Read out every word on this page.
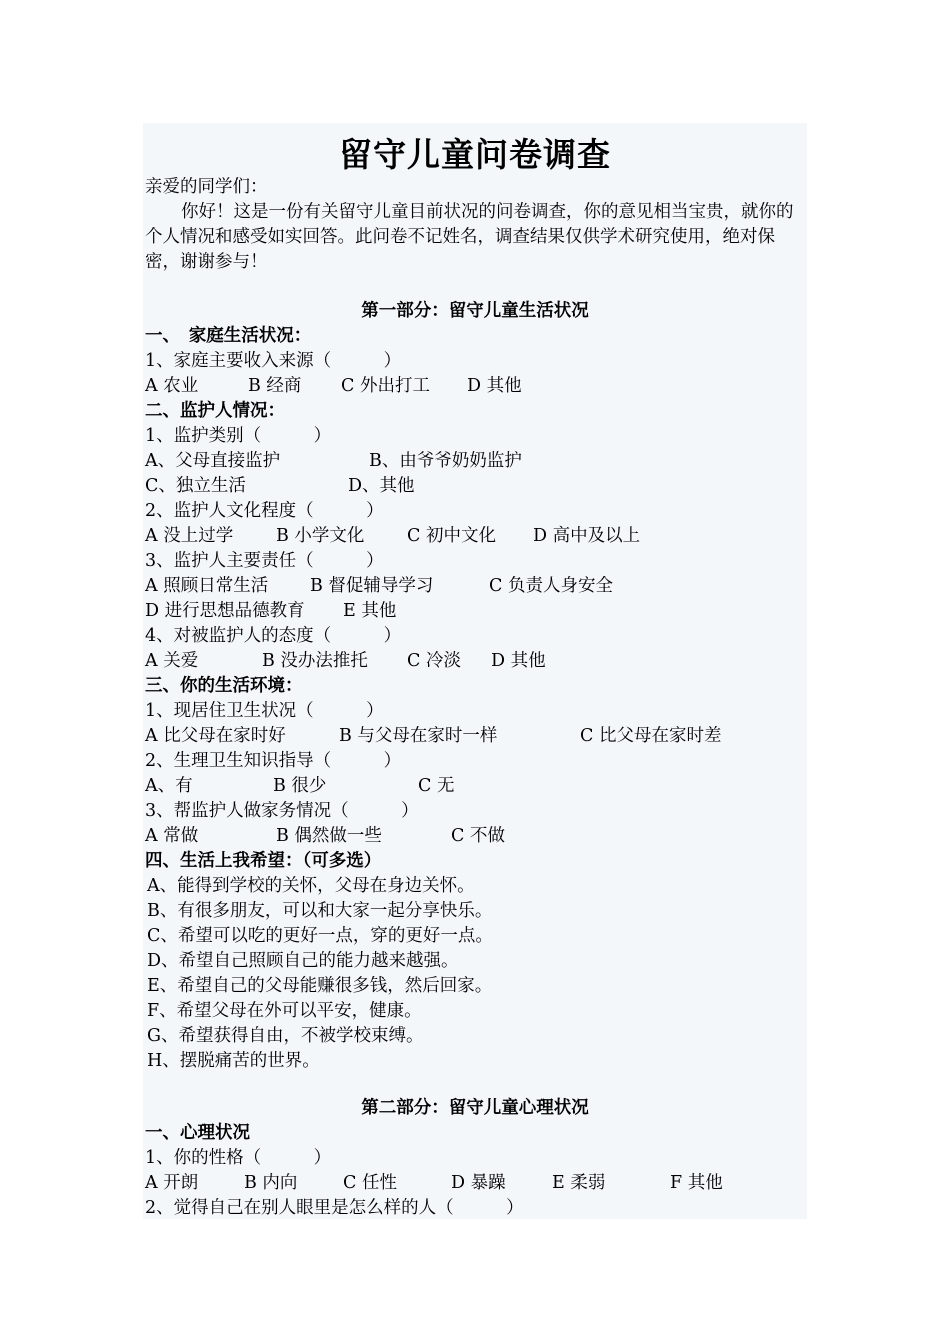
留守儿童问卷调查
亲爱的同学们：
你好！这是一份有关留守儿童目前状况的问卷调查，你的意见相当宝贵，就你的个人情况和感受如实回答。此问卷不记姓名，调查结果仅供学术研究使用，绝对保密，谢谢参与！
第一部分：留守儿童生活状况
一、　家庭生活状况：
1、家庭主要收入来源（　　　）
A 农业	B 经商 C 外出打工 D 其他
二、监护人情况：
1、监护类别（　　　）
A、父母直接监护	B、由爷爷奶奶监护
C、独立生活	D、其他
2、监护人文化程度（　　　）
A 没上过学 B 小学文化 C 初中文化 D 高中及以上
3、监护人主要责任（　　　）
A 照顾日常生活 B 督促辅导学习	C 负责人身安全
D 进行思想品德教育 E 其他
4、对被监护人的态度（　　　）
A 关爱	B 没办法推托 C 冷淡 D 其他
三、你的生活环境：
1、现居住卫生状况（　　　）
A 比父母在家时好	B 与父母在家时一样	C 比父母在家时差
2、生理卫生知识指导（　　　）
A、有	B 很少	C 无
3、帮监护人做家务情况（　　　）
A 常做	B 偶然做一些	C 不做
四、生活上我希望：（可多选）
A、能得到学校的关怀，父母在身边关怀。
B、有很多朋友，可以和大家一起分享快乐。
C、希望可以吃的更好一点，穿的更好一点。
D、希望自己照顾自己的能力越来越强。
E、希望自己的父母能赚很多钱，然后回家。
F、希望父母在外可以平安，健康。
G、希望获得自由，不被学校束缚。
H、摆脱痛苦的世界。
第二部分：留守儿童心理状况
一、心理状况
1、你的性格（　　　）
A 开朗	B 内向	C 任性	D 暴躁	E 柔弱	F 其他
2、觉得自己在别人眼里是怎么样的人（　　　）
